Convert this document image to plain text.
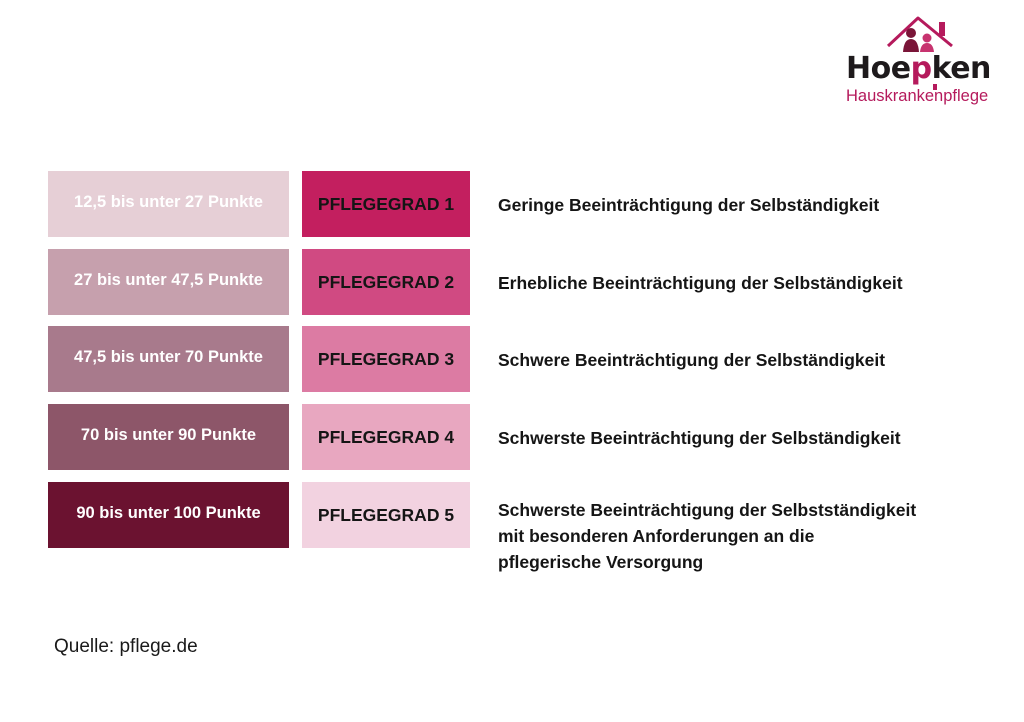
Hoepken
Hauskrankenpflege
12,5 bis unter 27 Punkte	PFLEGEGRAD 1	Geringe Beeinträchtigung der Selbständigkeit
27 bis unter 47,5 Punkte	PFLEGEGRAD 2	Erhebliche Beeinträchtigung der Selbständigkeit
47,5 bis unter 70 Punkte	PFLEGEGRAD 3	Schwere Beeinträchtigung der Selbständigkeit
70 bis unter 90 Punkte	PFLEGEGRAD 4	Schwerste Beeinträchtigung der Selbständigkeit
90 bis unter 100 Punkte	PFLEGEGRAD 5	Schwerste Beeinträchtigung der Selbstständigkeit
mit besonderen Anforderungen an die
pflegerische Versorgung
Quelle: pflege.de
